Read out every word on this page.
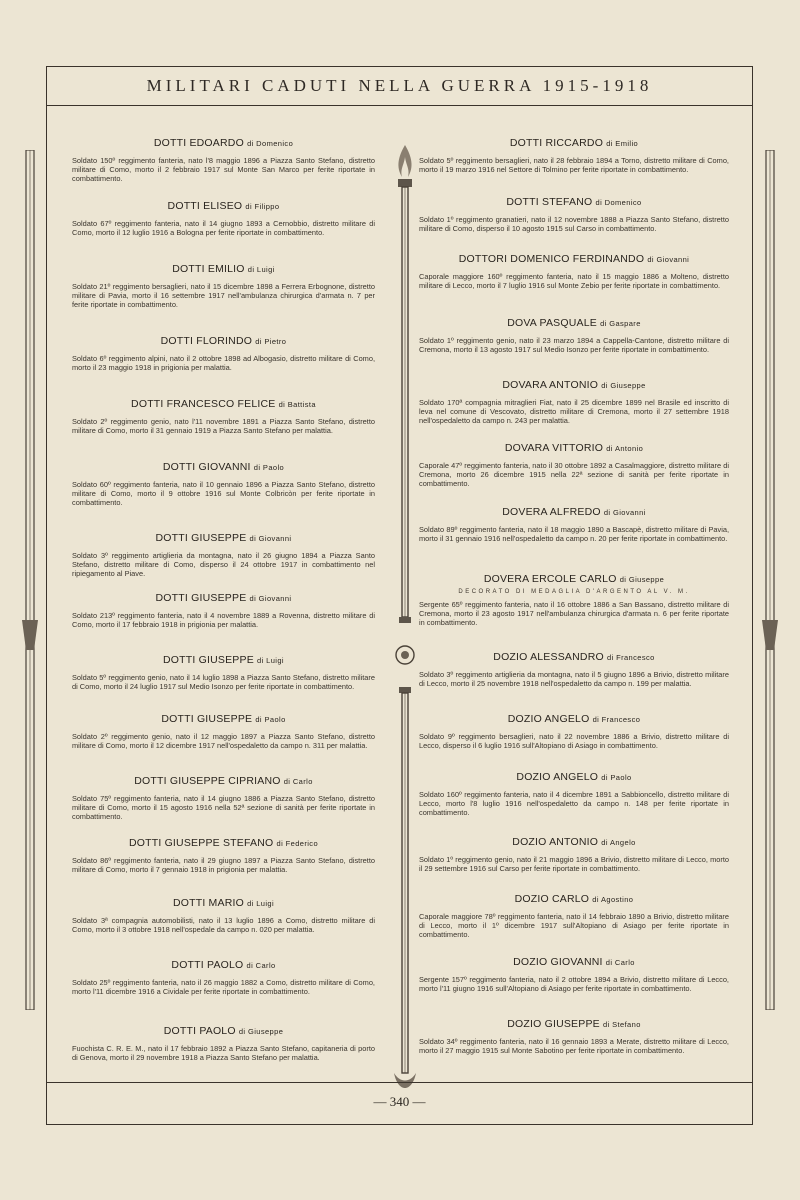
MILITARI CADUTI NELLA GUERRA 1915-1918
DOTTI EDOARDO di Domenico
Soldato 150º reggimento fanteria, nato l'8 maggio 1896 a Piazza Santo Stefano, distretto militare di Como, morto il 2 febbraio 1917 sul Monte San Marco per ferite riportate in combattimento.
DOTTI ELISEO di Filippo
Soldato 67º reggimento fanteria, nato il 14 giugno 1893 a Cernobbio, distretto militare di Como, morto il 12 luglio 1916 a Bologna per ferite riportate in combattimento.
DOTTI EMILIO di Luigi
Soldato 21º reggimento bersaglieri, nato il 15 dicembre 1898 a Ferrera Erbognone, distretto militare di Pavia, morto il 16 settembre 1917 nell'ambulanza chirurgica d'armata n. 7 per ferite riportate in combattimento.
DOTTI FLORINDO di Pietro
Soldato 6º reggimento alpini, nato il 2 ottobre 1898 ad Albogasio, distretto militare di Como, morto il 23 maggio 1918 in prigionia per malattia.
DOTTI FRANCESCO FELICE di Battista
Soldato 2º reggimento genio, nato l'11 novembre 1891 a Piazza Santo Stefano, distretto militare di Como, morto il 31 gennaio 1919 a Piazza Santo Stefano per malattia.
DOTTI GIOVANNI di Paolo
Soldato 60º reggimento fanteria, nato il 10 gennaio 1896 a Piazza Santo Stefano, distretto militare di Como, morto il 9 ottobre 1916 sul Monte Colbricòn per ferite riportate in combattimento.
DOTTI GIUSEPPE di Giovanni
Soldato 3º reggimento artiglieria da montagna, nato il 26 giugno 1894 a Piazza Santo Stefano, distretto militare di Como, disperso il 24 ottobre 1917 in combattimento nel ripiegamento al Piave.
DOTTI GIUSEPPE di Giovanni
Soldato 213º reggimento fanteria, nato il 4 novembre 1889 a Rovenna, distretto militare di Como, morto il 17 febbraio 1918 in prigionia per malattia.
DOTTI GIUSEPPE di Luigi
Soldato 5º reggimento genio, nato il 14 luglio 1898 a Piazza Santo Stefano, distretto militare di Como, morto il 24 luglio 1917 sul Medio Isonzo per ferite riportate in combattimento.
DOTTI GIUSEPPE di Paolo
Soldato 2º reggimento genio, nato il 12 maggio 1897 a Piazza Santo Stefano, distretto militare di Como, morto il 12 dicembre 1917 nell'ospedaletto da campo n. 311 per malattia.
DOTTI GIUSEPPE CIPRIANO di Carlo
Soldato 75º reggimento fanteria, nato il 14 giugno 1886 a Piazza Santo Stefano, distretto militare di Como, morto il 15 agosto 1916 nella 52ª sezione di sanità per ferite riportate in combattimento.
DOTTI GIUSEPPE STEFANO di Federico
Soldato 86º reggimento fanteria, nato il 29 giugno 1897 a Piazza Santo Stefano, distretto militare di Como, morto il 7 gennaio 1918 in prigionia per malattia.
DOTTI MARIO di Luigi
Soldato 3ª compagnia automobilisti, nato il 13 luglio 1896 a Como, distretto militare di Como, morto il 3 ottobre 1918 nell'ospedale da campo n. 020 per malattia.
DOTTI PAOLO di Carlo
Soldato 25º reggimento fanteria, nato il 26 maggio 1882 a Como, distretto militare di Como, morto l'11 dicembre 1916 a Cividale per ferite riportate in combattimento.
DOTTI PAOLO di Giuseppe
Fuochista C. R. E. M., nato il 17 febbraio 1892 a Piazza Santo Stefano, capitaneria di porto di Genova, morto il 29 novembre 1918 a Piazza Santo Stefano per malattia.
DOTTI RICCARDO di Emilio
Soldato 5º reggimento bersaglieri, nato il 28 febbraio 1894 a Torno, distretto militare di Como, morto il 19 marzo 1916 nel Settore di Tolmino per ferite riportate in combattimento.
DOTTI STEFANO di Domenico
Soldato 1º reggimento granatieri, nato il 12 novembre 1888 a Piazza Santo Stefano, distretto militare di Como, disperso il 10 agosto 1915 sul Carso in combattimento.
DOTTORI DOMENICO FERDINANDO di Giovanni
Caporale maggiore 160º reggimento fanteria, nato il 15 maggio 1886 a Molteno, distretto militare di Lecco, morto il 7 luglio 1916 sul Monte Zebio per ferite riportate in combattimento.
DOVA PASQUALE di Gaspare
Soldato 1º reggimento genio, nato il 23 marzo 1894 a Cappella-Cantone, distretto militare di Cremona, morto il 13 agosto 1917 sul Medio Isonzo per ferite riportate in combattimento.
DOVARA ANTONIO di Giuseppe
Soldato 170ª compagnia mitraglieri Fiat, nato il 25 dicembre 1899 nel Brasile ed inscritto di leva nel comune di Vescovato, distretto militare di Cremona, morto il 27 settembre 1918 nell'ospedaletto da campo n. 243 per malattia.
DOVARA VITTORIO di Antonio
Caporale 47º reggimento fanteria, nato il 30 ottobre 1892 a Casalmaggiore, distretto militare di Cremona, morto 26 dicembre 1915 nella 22ª sezione di sanità per ferite riportate in combattimento.
DOVERA ALFREDO di Giovanni
Soldato 89º reggimento fanteria, nato il 18 maggio 1890 a Bascapè, distretto militare di Pavia, morto il 31 gennaio 1916 nell'ospedaletto da campo n. 20 per ferite riportate in combattimento.
DOVERA ERCOLE CARLO di Giuseppe
DECORATO DI MEDAGLIA D'ARGENTO AL V. M.
Sergente 65º reggimento fanteria, nato il 16 ottobre 1886 a San Bassano, distretto militare di Cremona, morto il 23 agosto 1917 nell'ambulanza chirurgica d'armata n. 6 per ferite riportate in combattimento.
DOZIO ALESSANDRO di Francesco
Soldato 3º reggimento artiglieria da montagna, nato il 5 giugno 1896 a Brivio, distretto militare di Lecco, morto il 25 novembre 1918 nell'ospedaletto da campo n. 199 per malattia.
DOZIO ANGELO di Francesco
Soldato 9º reggimento bersaglieri, nato il 22 novembre 1886 a Brivio, distretto militare di Lecco, disperso il 6 luglio 1916 sull'Altopiano di Asiago in combattimento.
DOZIO ANGELO di Paolo
Soldato 160º reggimento fanteria, nato il 4 dicembre 1891 a Sabbioncello, distretto militare di Lecco, morto l'8 luglio 1916 nell'ospedaletto da campo n. 148 per ferite riportate in combattimento.
DOZIO ANTONIO di Angelo
Soldato 1º reggimento genio, nato il 21 maggio 1896 a Brivio, distretto militare di Lecco, morto il 29 settembre 1916 sul Carso per ferite riportate in combattimento.
DOZIO CARLO di Agostino
Caporale maggiore 78º reggimento fanteria, nato il 14 febbraio 1890 a Brivio, distretto militare di Lecco, morto il 1º dicembre 1917 sull'Altopiano di Asiago per ferite riportate in combattimento.
DOZIO GIOVANNI di Carlo
Sergente 157º reggimento fanteria, nato il 2 ottobre 1894 a Brivio, distretto militare di Lecco, morto l'11 giugno 1916 sull'Altopiano di Asiago per ferite riportate in combattimento.
DOZIO GIUSEPPE di Stefano
Soldato 34º reggimento fanteria, nato il 16 gennaio 1893 a Merate, distretto militare di Lecco, morto il 27 maggio 1915 sul Monte Sabotino per ferite riportate in combattimento.
— 340 —
